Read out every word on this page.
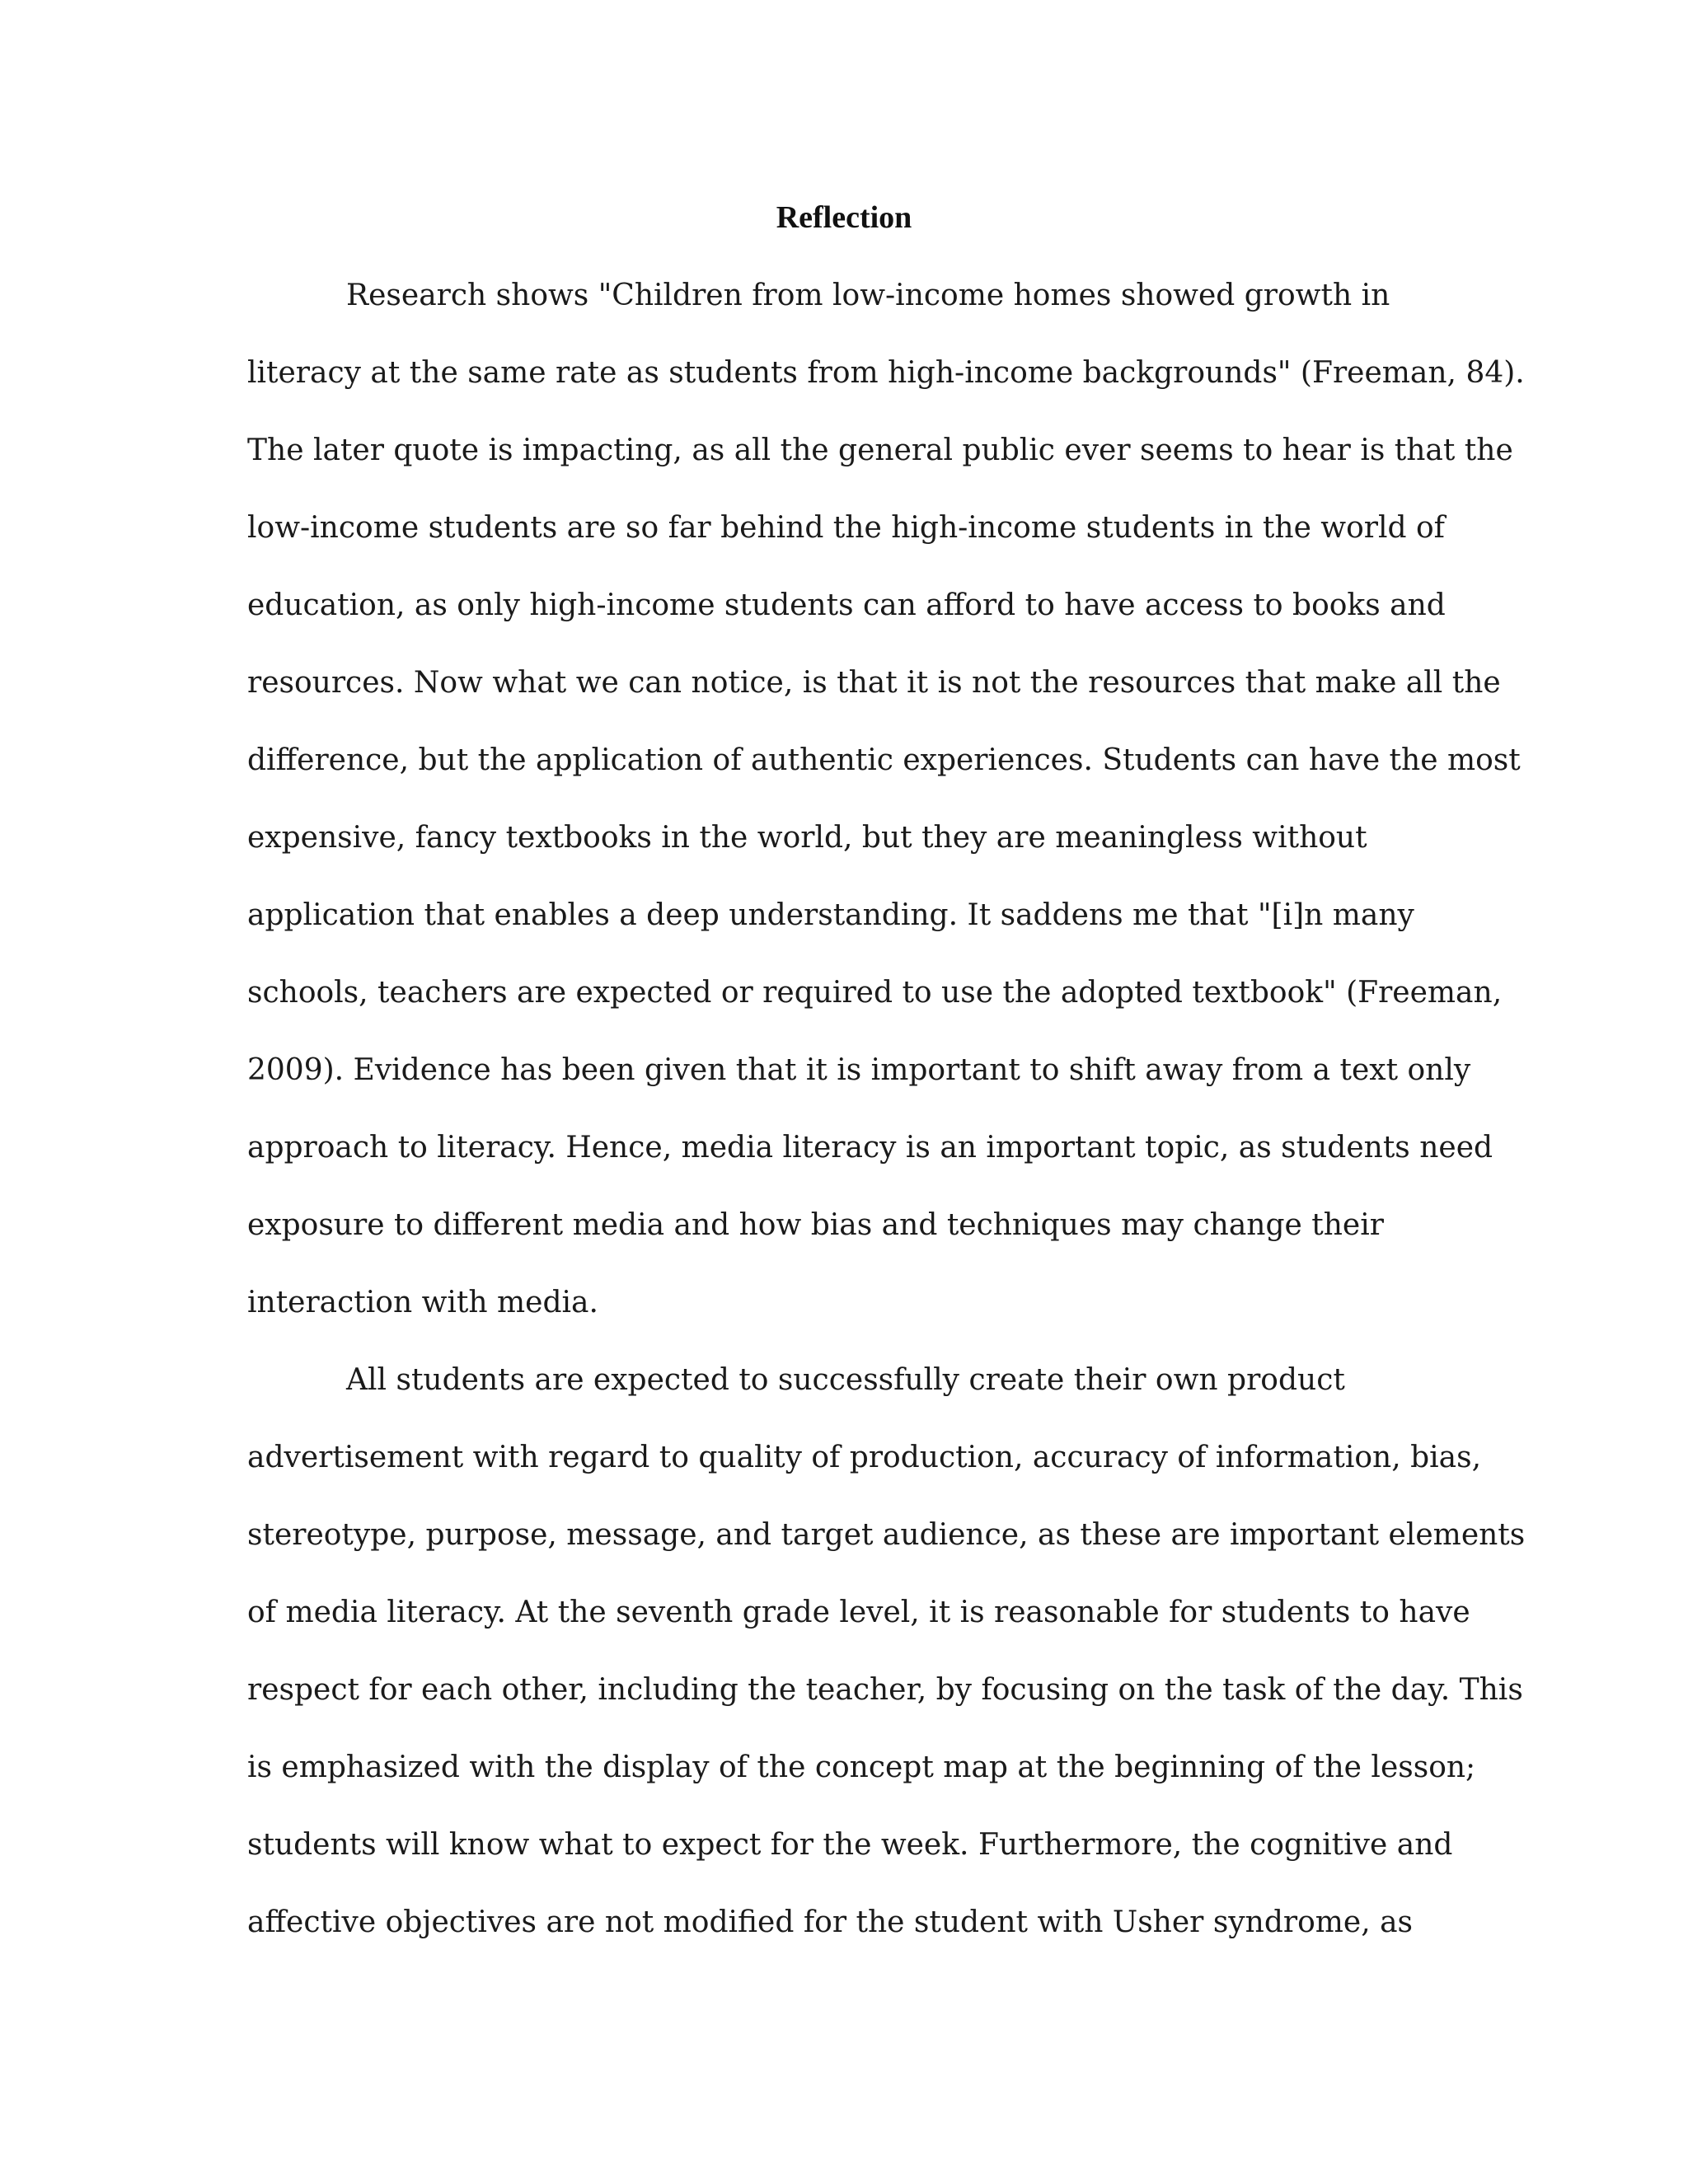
Reflection
Research shows "Children from low-income homes showed growth in
literacy at the same rate as students from high-income backgrounds" (Freeman, 84).
The later quote is impacting, as all the general public ever seems to hear is that the
low-income students are so far behind the high-income students in the world of
education, as only high-income students can afford to have access to books and
resources. Now what we can notice, is that it is not the resources that make all the
difference, but the application of authentic experiences. Students can have the most
expensive, fancy textbooks in the world, but they are meaningless without
application that enables a deep understanding. It saddens me that "[i]n many
schools, teachers are expected or required to use the adopted textbook" (Freeman,
2009). Evidence has been given that it is important to shift away from a text only
approach to literacy. Hence, media literacy is an important topic, as students need
exposure to different media and how bias and techniques may change their
interaction with media.
All students are expected to successfully create their own product
advertisement with regard to quality of production, accuracy of information, bias,
stereotype, purpose, message, and target audience, as these are important elements
of media literacy. At the seventh grade level, it is reasonable for students to have
respect for each other, including the teacher, by focusing on the task of the day. This
is emphasized with the display of the concept map at the beginning of the lesson;
students will know what to expect for the week. Furthermore, the cognitive and
affective objectives are not modified for the student with Usher syndrome, as
